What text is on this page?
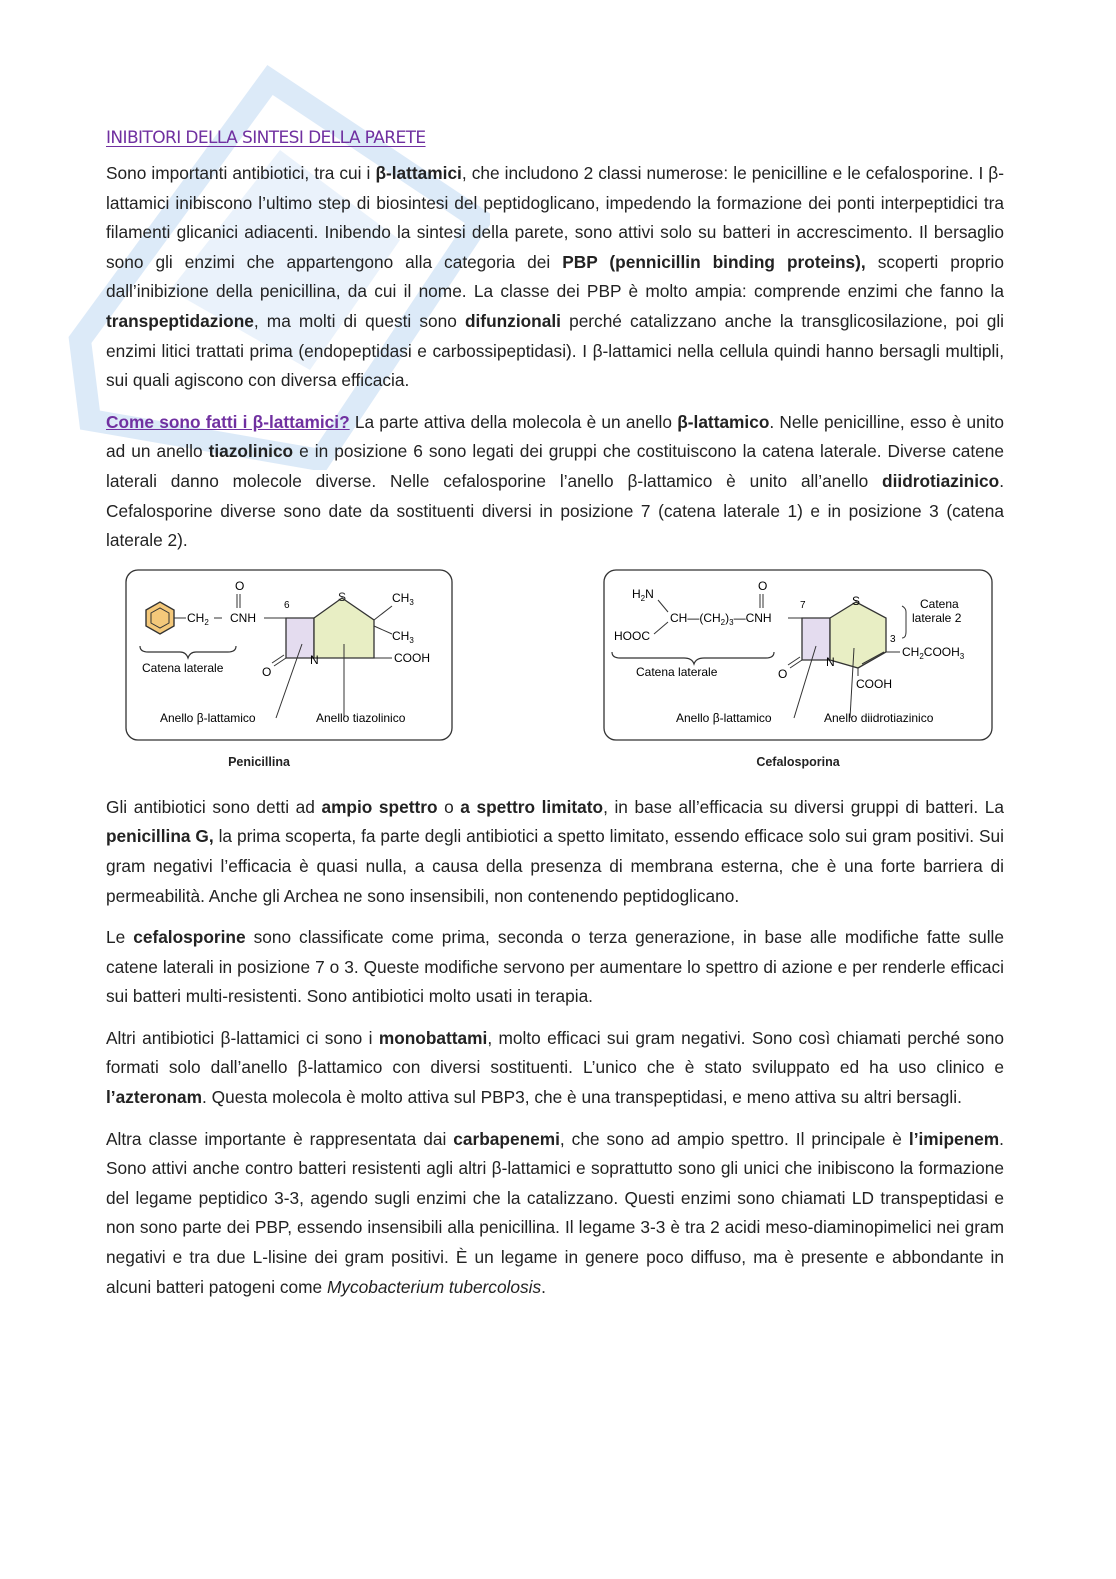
INIBITORI DELLA SINTESI DELLA PARETE

Sono importanti antibiotici, tra cui i β-lattamici, che includono 2 classi numerose: le penicilline e le cefalosporine. I β-lattamici inibiscono l’ultimo step di biosintesi del peptidoglicano, impedendo la formazione dei ponti interpeptidici tra filamenti glicanici adiacenti. Inibendo la sintesi della parete, sono attivi solo su batteri in accrescimento. Il bersaglio sono gli enzimi che appartengono alla categoria dei PBP (pennicillin binding proteins), scoperti proprio dall’inibizione della penicillina, da cui il nome. La classe dei PBP è molto ampia: comprende enzimi che fanno la transpeptidazione, ma molti di questi sono difunzionali perché catalizzano anche la transglicosilazione, poi gli enzimi litici trattati prima (endopeptidasi e carbossipeptidasi). I β-lattamici nella cellula quindi hanno bersagli multipli, sui quali agiscono con diversa efficacia.

Come sono fatti i β-lattamici? La parte attiva della molecola è un anello β-lattamico. Nelle penicilline, esso è unito ad un anello tiazolinico e in posizione 6 sono legati dei gruppi che costituiscono la catena laterale. Diverse catene laterali danno molecole diverse. Nelle cefalosporine l’anello β-lattamico è unito all’anello diidrotiazinico. Cefalosporine diverse sono date da sostituenti diversi in posizione 7 (catena laterale 1) e in posizione 3 (catena laterale 2).

$CH_2$
O
CNH
6
S	$CH_3$
$CH_3$
COOH
N
O
Catena laterale
Anello β-lattamico	Anello tiazolinico
Penicillina
$H_2N$
HOOC
$CH—(CH_2)_3—CNH$
O
7	S	Catena
laterale 2
3
$CH_2COOH_3$
COOH
N
O
Catena laterale
Anello β-lattamico	Anello diidrotiazinico
Cefalosporina

Gli antibiotici sono detti ad ampio spettro o a spettro limitato, in base all’efficacia su diversi gruppi di batteri. La penicillina G, la prima scoperta, fa parte degli antibiotici a spetto limitato, essendo efficace solo sui gram positivi. Sui gram negativi l’efficacia è quasi nulla, a causa della presenza di membrana esterna, che è una forte barriera di permeabilità. Anche gli Archea ne sono insensibili, non contenendo peptidoglicano.

Le cefalosporine sono classificate come prima, seconda o terza generazione, in base alle modifiche fatte sulle catene laterali in posizione 7 o 3. Queste modifiche servono per aumentare lo spettro di azione e per renderle efficaci sui batteri multi-resistenti. Sono antibiotici molto usati in terapia.

Altri antibiotici β-lattamici ci sono i monobattami, molto efficaci sui gram negativi. Sono così chiamati perché sono formati solo dall’anello β-lattamico con diversi sostituenti. L’unico che è stato sviluppato ed ha uso clinico e l’azteronam. Questa molecola è molto attiva sul PBP3, che è una transpeptidasi, e meno attiva su altri bersagli.

Altra classe importante è rappresentata dai carbapenemi, che sono ad ampio spettro. Il principale è l’imipenem. Sono attivi anche contro batteri resistenti agli altri β-lattamici e soprattutto sono gli unici che inibiscono la formazione del legame peptidico 3-3, agendo sugli enzimi che la catalizzano. Questi enzimi sono chiamati LD transpeptidasi e non sono parte dei PBP, essendo insensibili alla penicillina. Il legame 3-3 è tra 2 acidi meso-diaminopimelici nei gram negativi e tra due L-lisine dei gram positivi. È un legame in genere poco diffuso, ma è presente e abbondante in alcuni batteri patogeni come Mycobacterium tubercolosis.
